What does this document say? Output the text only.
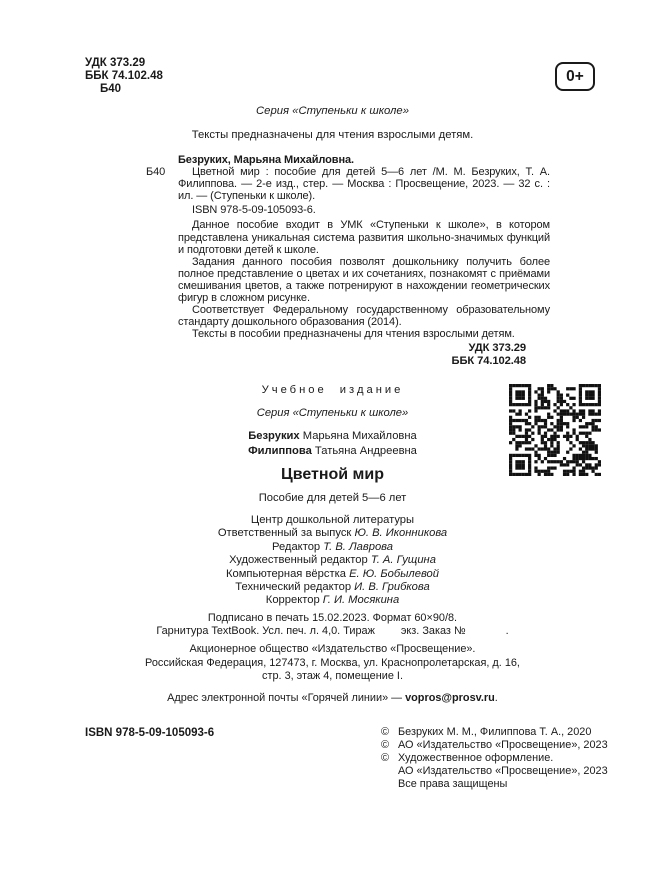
УДК 373.29
ББК 74.102.48
Б40
0+
Серия «Ступеньки к школе»
Тексты предназначены для чтения взрослыми детям.
Безруких, Марьяна Михайловна.
Б40	Цветной мир : пособие для детей 5—6 лет /М. М. Безруких, Т. А. Филиппова. — 2-е изд., стер. — Москва : Просвещение, 2023. — 32 с. : ил. — (Ступеньки к школе).

ISBN 978-5-09-105093-6.

Данное пособие входит в УМК «Ступеньки к школе», в котором представлена уникальная система развития школьно-значимых функций и подготовки детей к школе.

Задания данного пособия позволят дошкольнику получить более полное представление о цветах и их сочетаниях, познакомят с приёмами смешивания цветов, а также потренируют в нахождении геометрических фигур в сложном рисунке.

Соответствует Федеральному государственному образовательному стандарту дошкольного образования (2014).

Тексты в пособии предназначены для чтения взрослыми детям.

УДК 373.29
ББК 74.102.48
Учебное издание
Серия «Ступеньки к школе»
Безруких Марьяна Михайловна
Филиппова Татьяна Андреевна
Цветной мир
Пособие для детей 5—6 лет
Центр дошкольной литературы
Ответственный за выпуск Ю. В. Иконникова
Редактор Т. В. Лаврова
Художественный редактор Т. А. Гущина
Компьютерная вёрстка Е. Ю. Бобылевой
Технический редактор И. В. Грибкова
Корректор Г. И. Мосякина
Подписано в печать 15.02.2023. Формат 60×90/8.
Гарнитура TextBook. Усл. печ. л. 4,0. Тираж экз. Заказ №	.
Акционерное общество «Издательство «Просвещение».
Российская Федерация, 127473, г. Москва, ул. Краснопролетарская, д. 16,
стр. 3, этаж 4, помещение I.
Адрес электронной почты «Горячей линии» — vopros@prosv.ru.
ISBN 978-5-09-105093-6	© Безруких М. М., Филиппова Т. А., 2020
© АО «Издательство «Просвещение», 2023
© Художественное оформление.
АО «Издательство «Просвещение», 2023
Все права защищены
